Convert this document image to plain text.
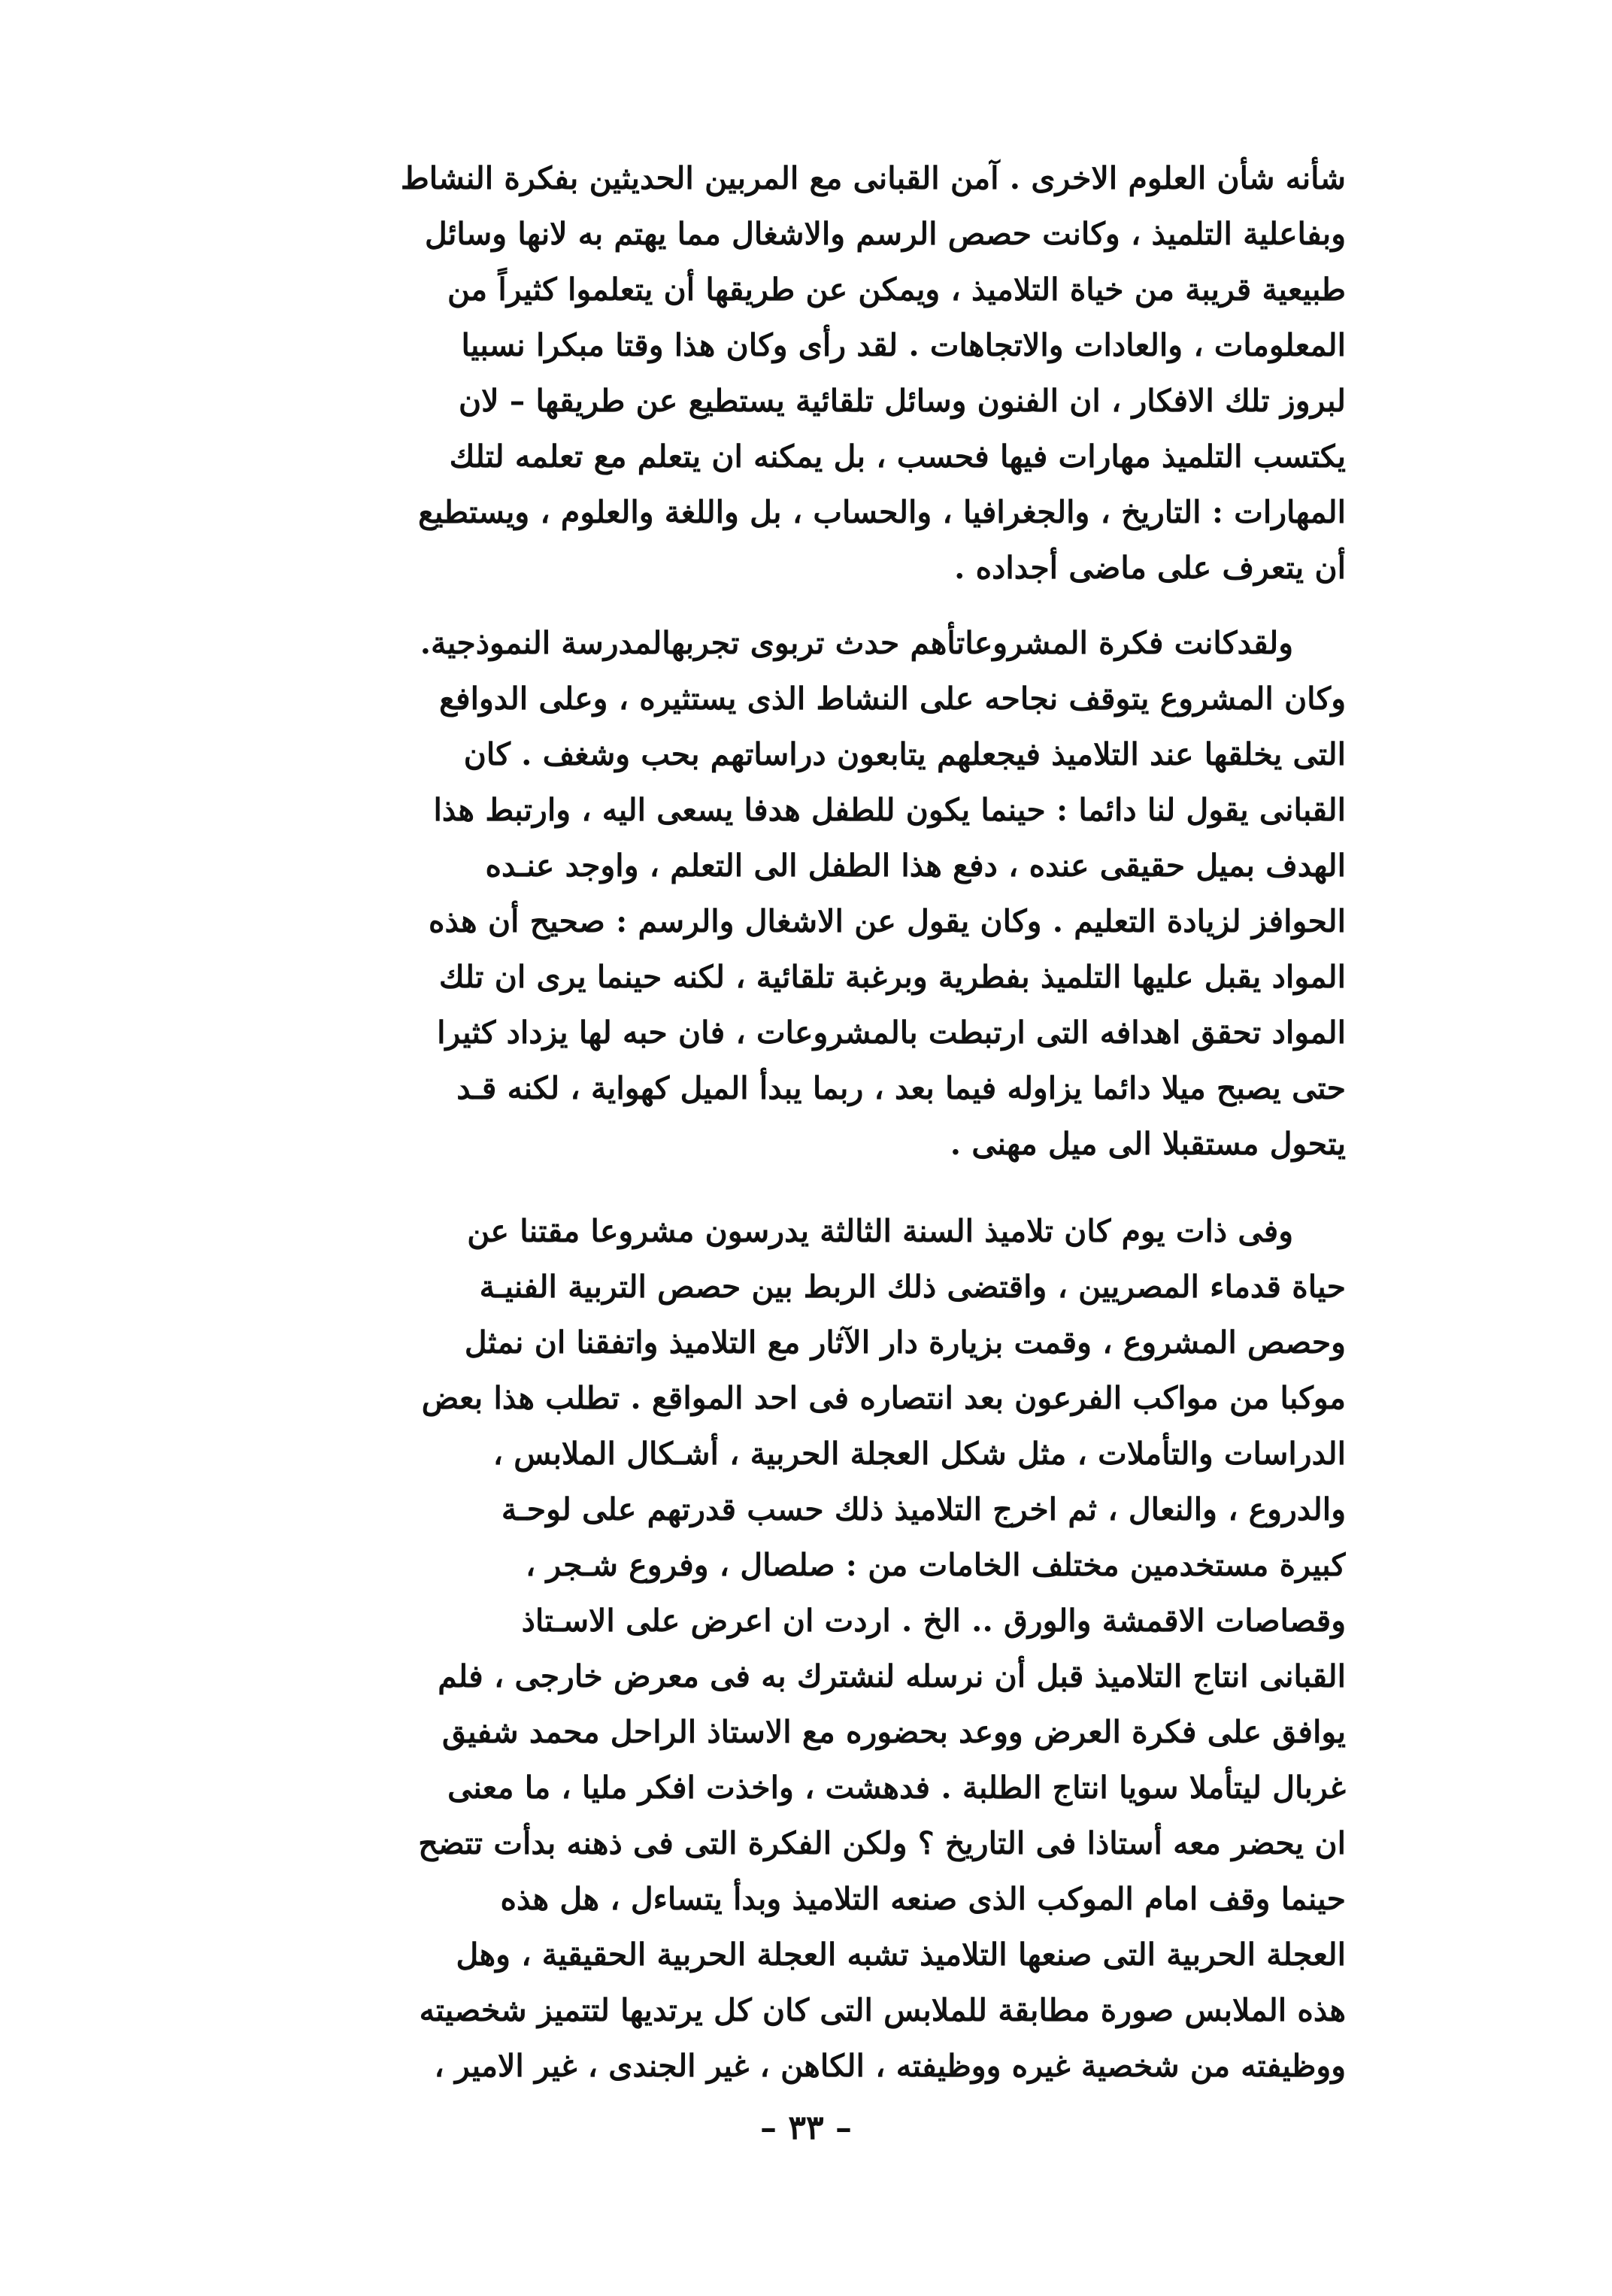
شأنه شأن العلوم الاخرى . آمن القبانى مع المربين الحديثين بفكرة النشاط
وبفاعلية التلميذ ، وكانت حصص الرسم والاشغال مما يهتم به لانها وسائل
طبيعية قريبة من خياة التلاميذ ، ويمكن عن طريقها أن يتعلموا كثيراً من
المعلومات ، والعادات والاتجاهات . لقد رأى وكان هذا وقتا مبكرا نسبيا
لبروز تلك الافكار ، ان الفنون وسائل تلقائية يستطيع عن طريقها – لان
يكتسب التلميذ مهارات فيها فحسب ، بل يمكنه ان يتعلم مع تعلمه لتلك
المهارات : التاريخ ، والجغرافيا ، والحساب ، بل واللغة والعلوم ، ويستطيع
أن يتعرف على ماضى أجداده .
ولقدكانت فكرة المشروعاتأهم حدث تربوى تجربهالمدرسة النموذجية.
وكان المشروع يتوقف نجاحه على النشاط الذى يستثيره ، وعلى الدوافع
التى يخلقها عند التلاميذ فيجعلهم يتابعون دراساتهم بحب وشغف . كان
القبانى يقول لنا دائما : حينما يكون للطفل هدفا يسعى اليه ، وارتبط هذا
الهدف بميل حقيقى عنده ، دفع هذا الطفل الى التعلم ، واوجد عنـده
الحوافز لزيادة التعليم . وكان يقول عن الاشغال والرسم : صحيح أن هذه
المواد يقبل عليها التلميذ بفطرية وبرغبة تلقائية ، لكنه حينما يرى ان تلك
المواد تحقق اهدافه التى ارتبطت بالمشروعات ، فان حبه لها يزداد كثيرا
حتى يصبح ميلا دائما يزاوله فيما بعد ، ربما يبدأ الميل كهواية ، لكنه قـد
يتحول مستقبلا الى ميل مهنى .
وفى ذات يوم كان تلاميذ السنة الثالثة يدرسون مشروعا مقتنا عن
حياة قدماء المصريين ، واقتضى ذلك الربط بين حصص التربية الفنيـة
وحصص المشروع ، وقمت بزيارة دار الآثار مع التلاميذ واتفقنا ان نمثل
موكبا من مواكب الفرعون بعد انتصاره فى احد المواقع . تطلب هذا بعض
الدراسات والتأملات ، مثل شكل العجلة الحربية ، أشـكال الملابس ،
والدروع ، والنعال ، ثم اخرج التلاميذ ذلك حسب قدرتهم على لوحـة
كبيرة مستخدمين مختلف الخامات من : صلصال ، وفروع شـجر ،
وقصاصات الاقمشة والورق .. الخ . اردت ان اعرض على الاسـتاذ
القبانى انتاج التلاميذ قبل أن نرسله لنشترك به فى معرض خارجى ، فلم
يوافق على فكرة العرض ووعد بحضوره مع الاستاذ الراحل محمد شفيق
غربال ليتأملا سويا انتاج الطلبة . فدهشت ، واخذت افكر مليا ، ما معنى
ان يحضر معه أستاذا فى التاريخ ؟ ولكن الفكرة التى فى ذهنه بدأت تتضح
حينما وقف امام الموكب الذى صنعه التلاميذ وبدأ يتساءل ، هل هذه
العجلة الحربية التى صنعها التلاميذ تشبه العجلة الحربية الحقيقية ، وهل
هذه الملابس صورة مطابقة للملابس التى كان كل يرتديها لتتميز شخصيته
ووظيفته من شخصية غيره ووظيفته ، الكاهن ، غير الجندى ، غير الامير ،
– ٣٣ –
